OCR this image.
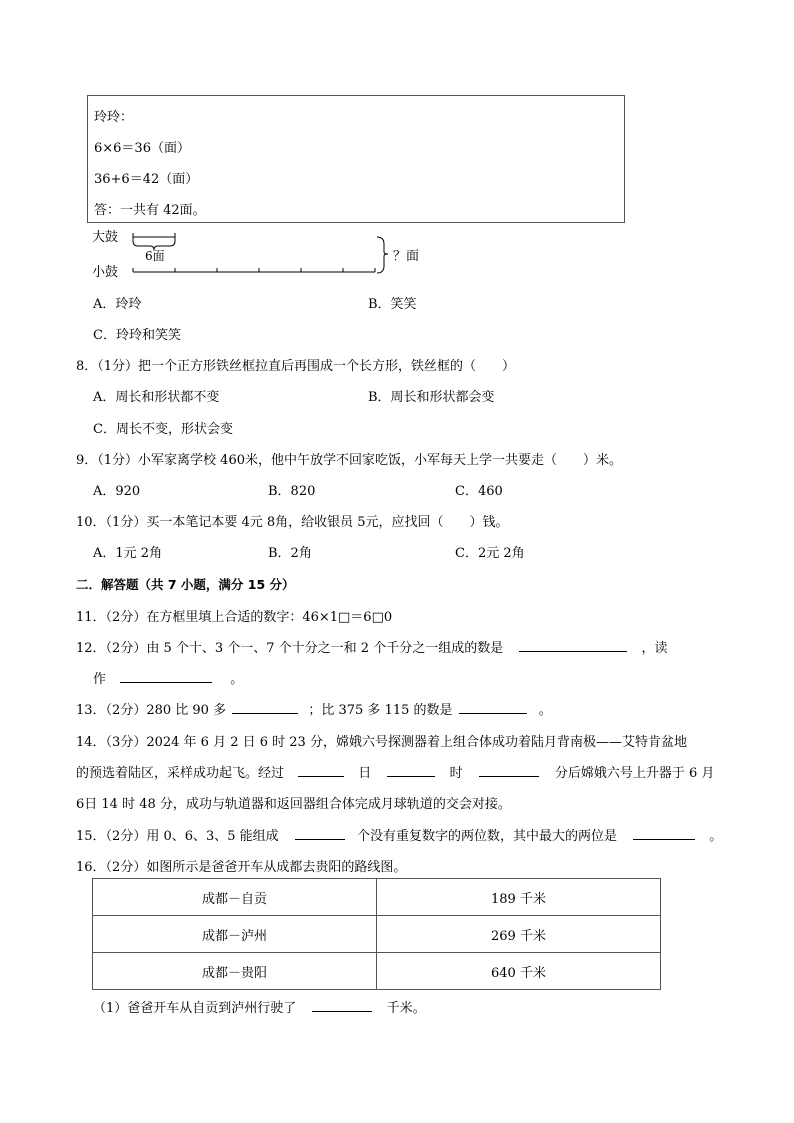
玲玲：
6×6＝36（面）
36+6＝42（面）
答：一共有 42面。
大鼓
6面
小鼓
？面
A．玲玲	B．笑笑
C．玲玲和笑笑
8．（1分）把一个正方形铁丝框拉直后再围成一个长方形，铁丝框的（　　）
A．周长和形状都不变	B．周长和形状都会变
C．周长不变，形状会变
9．（1分）小军家离学校 460米，他中午放学不回家吃饭，小军每天上学一共要走（　　）米。
A．920	B．820	C．460
10．（1分）买一本笔记本要 4元 8角，给收银员 5元，应找回（　　）钱。
A．1元 2角	B．2角	C．2元 2角
二．解答题（共 7 小题，满分 15 分）
11．（2分）在方框里填上合适的数字：46×1□＝6□0
12．（2分）由 5 个十、3 个一、7 个十分之一和 2 个千分之一组成的数是	，读
作	。
13．（2分）280 比 90 多	；比 375 多 115 的数是	。
14．（3分）2024 年 6 月 2 日 6 时 23 分，嫦娥六号探测器着上组合体成功着陆月背南极——艾特肯盆地
的预选着陆区，采样成功起飞。经过	日	时	分后嫦娥六号上升器于 6 月
6日 14 时 48 分，成功与轨道器和返回器组合体完成月球轨道的交会对接。
15．（2分）用 0、6、3、5 能组成	个没有重复数字的两位数，其中最大的两位是	。
16．（2分）如图所示是爸爸开车从成都去贵阳的路线图。
成都－自贡	189 千米
成都－泸州	269 千米
成都－贵阳	640 千米
（1）爸爸开车从自贡到泸州行驶了	千米。
